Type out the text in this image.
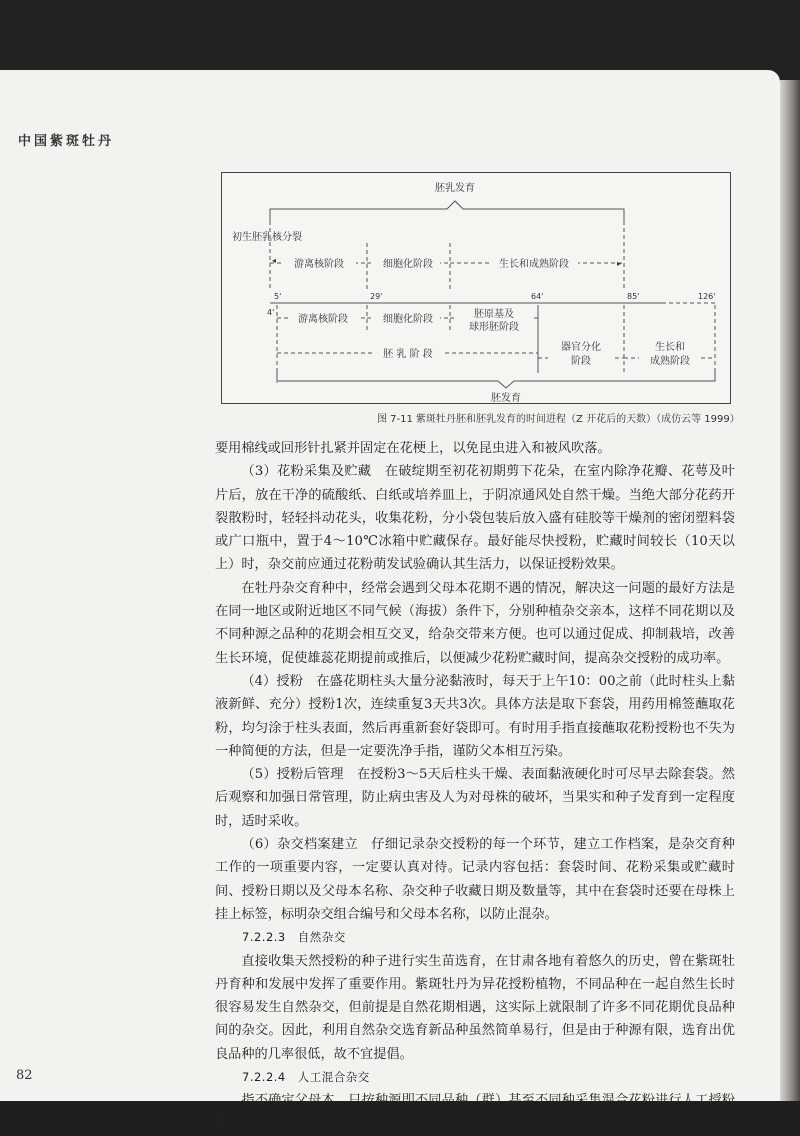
中国紫斑牡丹
胚乳发育
初生胚乳核分裂
游离核阶段	细胞化阶段	生长和成熟阶段
◂	▸
5'	29'	64'	85'	126'
4'
游离核阶段	细胞化阶段	胚原基及
球形胚阶段
胚 乳 阶 段
器官分化
阶段
生长和
成熟阶段
胚发育
图 7-11 紫斑牡丹胚和胚乳发育的时间进程（Z 开花后的天数）（成仿云等 1999）

要用棉线或回形针扎紧并固定在花梗上，以免昆虫进入和被风吹落。

（3）花粉采集及贮藏　在破绽期至初花初期剪下花朵，在室内除净花瓣、花萼及叶片后，放在干净的硫酸纸、白纸或培养皿上，于阴凉通风处自然干燥。当绝大部分花药开裂散粉时，轻轻抖动花头，收集花粉，分小袋包装后放入盛有硅胶等干燥剂的密闭塑料袋或广口瓶中，置于4～10℃冰箱中贮藏保存。最好能尽快授粉，贮藏时间较长（10天以上）时，杂交前应通过花粉萌发试验确认其生活力，以保证授粉效果。

在牡丹杂交育种中，经常会遇到父母本花期不遇的情况，解决这一问题的最好方法是在同一地区或附近地区不同气候（海拔）条件下，分别种植杂交亲本，这样不同花期以及不同种源之品种的花期会相互交叉，给杂交带来方便。也可以通过促成、抑制栽培，改善生长环境，促使雄蕊花期提前或推后，以便减少花粉贮藏时间，提高杂交授粉的成功率。

（4）授粉　在盛花期柱头大量分泌黏液时，每天于上午10：00之前（此时柱头上黏液新鲜、充分）授粉1次，连续重复3天共3次。具体方法是取下套袋，用药用棉签蘸取花粉，均匀涂于柱头表面，然后再重新套好袋即可。有时用手指直接蘸取花粉授粉也不失为一种简便的方法，但是一定要洗净手指，谨防父本相互污染。

（5）授粉后管理　在授粉3～5天后柱头干燥、表面黏液硬化时可尽早去除套袋。然后观察和加强日常管理，防止病虫害及人为对母株的破坏，当果实和种子发育到一定程度时，适时采收。

（6）杂交档案建立　仔细记录杂交授粉的每一个环节，建立工作档案，是杂交育种工作的一项重要内容，一定要认真对待。记录内容包括：套袋时间、花粉采集或贮藏时间、授粉日期以及父母本名称、杂交种子收藏日期及数量等，其中在套袋时还要在母株上挂上标签，标明杂交组合编号和父母本名称，以防止混杂。

7.2.2.3　自然杂交

直接收集天然授粉的种子进行实生苗选育，在甘肃各地有着悠久的历史，曾在紫斑牡丹育种和发展中发挥了重要作用。紫斑牡丹为异花授粉植物，不同品种在一起自然生长时很容易发生自然杂交，但前提是自然花期相遇，这实际上就限制了许多不同花期优良品种间的杂交。因此，利用自然杂交选育新品种虽然简单易行，但是由于种源有限，选育出优良品种的几率很低，故不宜提倡。

7.2.2.4　人工混合杂交

指不确定父母本，只按种源即不同品种（群）甚至不同种采集混合花粉进行人工授粉的

82
